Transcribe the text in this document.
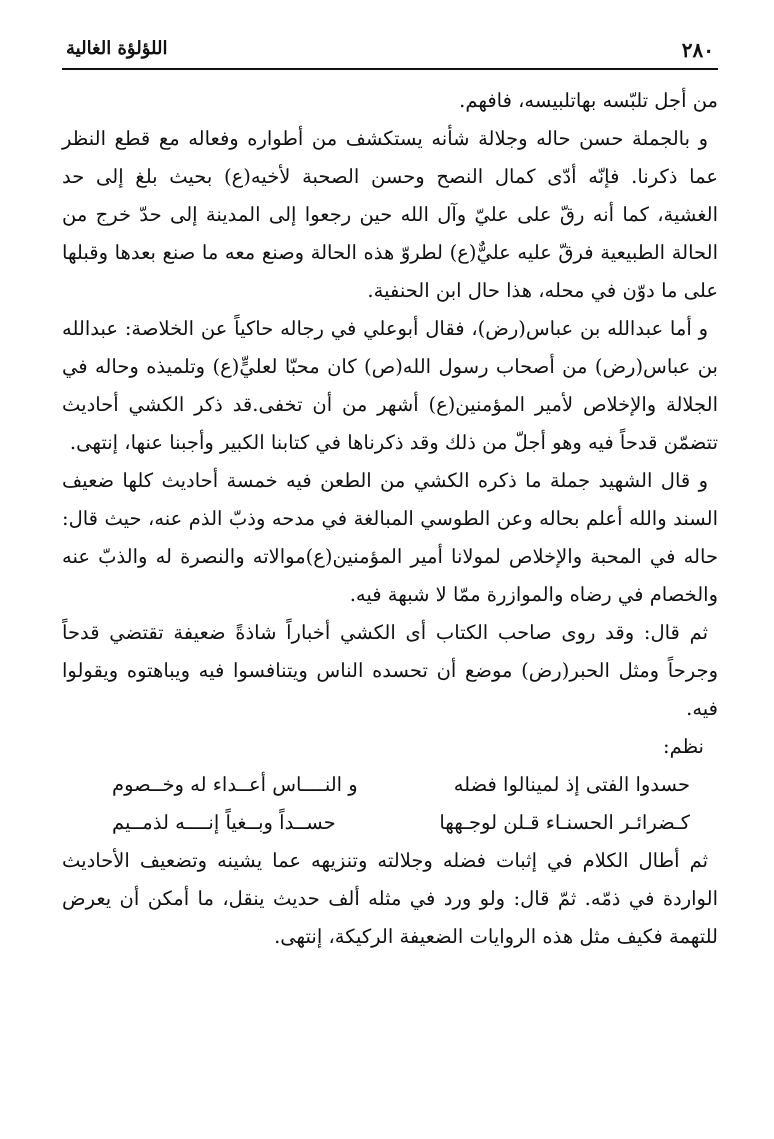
٢٨٠
اللؤلؤة الغالية

من أجل تلبّسه بهاتلبيسه، فافهم.

و بالجملة حسن حاله وجلالة شأنه يستكشف من أطواره وفعاله مع قطع النظر عما ذكرنا. فإنّه أدّى كمال النصح وحسن الصحبة لأخيه(ع) بحيث بلغ إلى حد الغشية، كما أنه رقّ على عليّ وآل الله حين رجعوا إلى المدينة إلى حدّ خرج من الحالة الطبيعية فرقّ عليه عليٌّ(ع) لطروّ هذه الحالة وصنع معه ما صنع بعدها وقبلها على ما دوّن في محله، هذا حال ابن الحنفية.

و أما عبدالله بن عباس(رض)، فقال أبوعلي في رجاله حاكياً عن الخلاصة: عبدالله بن عباس(رض) من أصحاب رسول الله(ص) كان محبّا لعليٍّ(ع) وتلميذه وحاله في الجلالة والإخلاص لأمير المؤمنين(ع) أشهر من أن تخفى.قد ذكر الكشي أحاديث تتضمّن قدحاً فيه وهو أجلّ من ذلك وقد ذكرناها في كتابنا الكبير وأجبنا عنها، إنتهى.

و قال الشهيد جملة ما ذكره الكشي من الطعن فيه خمسة أحاديث كلها ضعيف السند والله أعلم بحاله وعن الطوسي المبالغة في مدحه وذبّ الذم عنه، حيث قال: حاله في المحبة والإخلاص لمولانا أمير المؤمنين(ع)موالاته والنصرة له والذبّ عنه والخصام في رضاه والموازرة ممّا لا شبهة فيه.

ثم قال: وقد روى صاحب الكتاب أى الكشي أخباراً شاذةً ضعيفة تقتضي قدحاً وجرحاً ومثل الحبر(رض) موضع أن تحسده الناس ويتنافسوا فيه ويباهتوه ويقولوا فيه.

نظم:

حسدوا الفتى إذ لم‍ينالوا فضله
و النــــاس أعــداء له وخــصوم
كـضرائـر الحسنـاء قـلن لوجـهها
حســداً وبــغياً إنــــه لذمــيم

ثم أطال الكلام في إثبات فضله وجلالته وتنزيهه عما يشينه وتضعيف الأحاديث الواردة في ذمّه. ثمّ قال: ولو ورد في مثله ألف حديث ينقل، ما أمكن أن يعرض للتهمة فكيف مثل هذه الروايات الضعيفة الركيكة، إنتهى.
